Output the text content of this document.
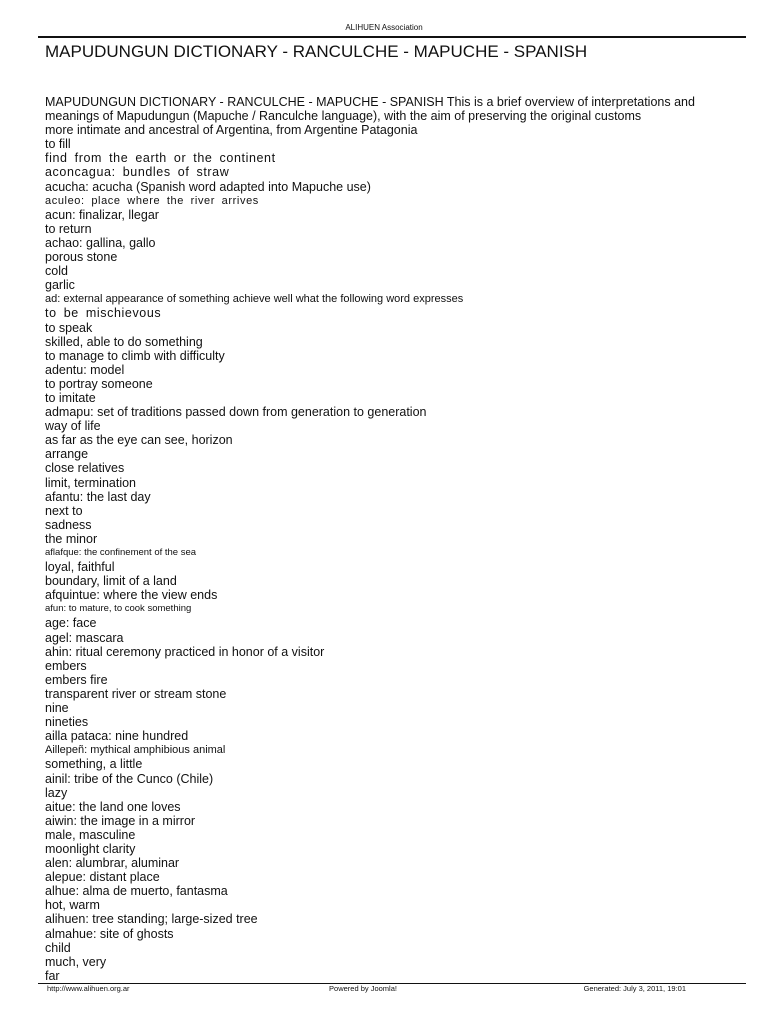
ALIHUEN Association
MAPUDUNGUN DICTIONARY - RANCULCHE - MAPUCHE - SPANISH
MAPUDUNGUN DICTIONARY - RANCULCHE - MAPUCHE - SPANISH This is a brief overview of interpretations and
meanings of Mapudungun (Mapuche / Ranculche language), with the aim of preserving the original customs
more intimate and ancestral of Argentina, from Argentine Patagonia
to fill
find from the earth or the continent
aconcagua: bundles of straw
acucha: acucha (Spanish word adapted into Mapuche use)
aculeo: place where the river arrives
acun: finalizar, llegar
to return
achao: gallina, gallo
porous stone
cold
garlic
ad: external appearance of something achieve well what the following word expresses
to be mischievous
to speak
skilled, able to do something
to manage to climb with difficulty
adentu: model
to portray someone
to imitate
admapu: set of traditions passed down from generation to generation
way of life
as far as the eye can see, horizon
arrange
close relatives
limit, termination
afantu: the last day
next to
sadness
the minor
aflafque: the confinement of the sea
loyal, faithful
boundary, limit of a land
afquintue: where the view ends
afun: to mature, to cook something
age: face
agel: mascara
ahin: ritual ceremony practiced in honor of a visitor
embers
embers fire
transparent river or stream stone
nine
nineties
ailla pataca: nine hundred
Aillepeñ: mythical amphibious animal
something, a little
ainil: tribe of the Cunco (Chile)
lazy
aitue: the land one loves
aiwin: the image in a mirror
male, masculine
moonlight clarity
alen: alumbrar, aluminar
alepue: distant place
alhue: alma de muerto, fantasma
hot, warm
alihuen: tree standing; large-sized tree
almahue: site of ghosts
child
much, very
far
http://www.alihuen.org.ar	Powered by Joomla!	Generated: July 3, 2011, 19:01
